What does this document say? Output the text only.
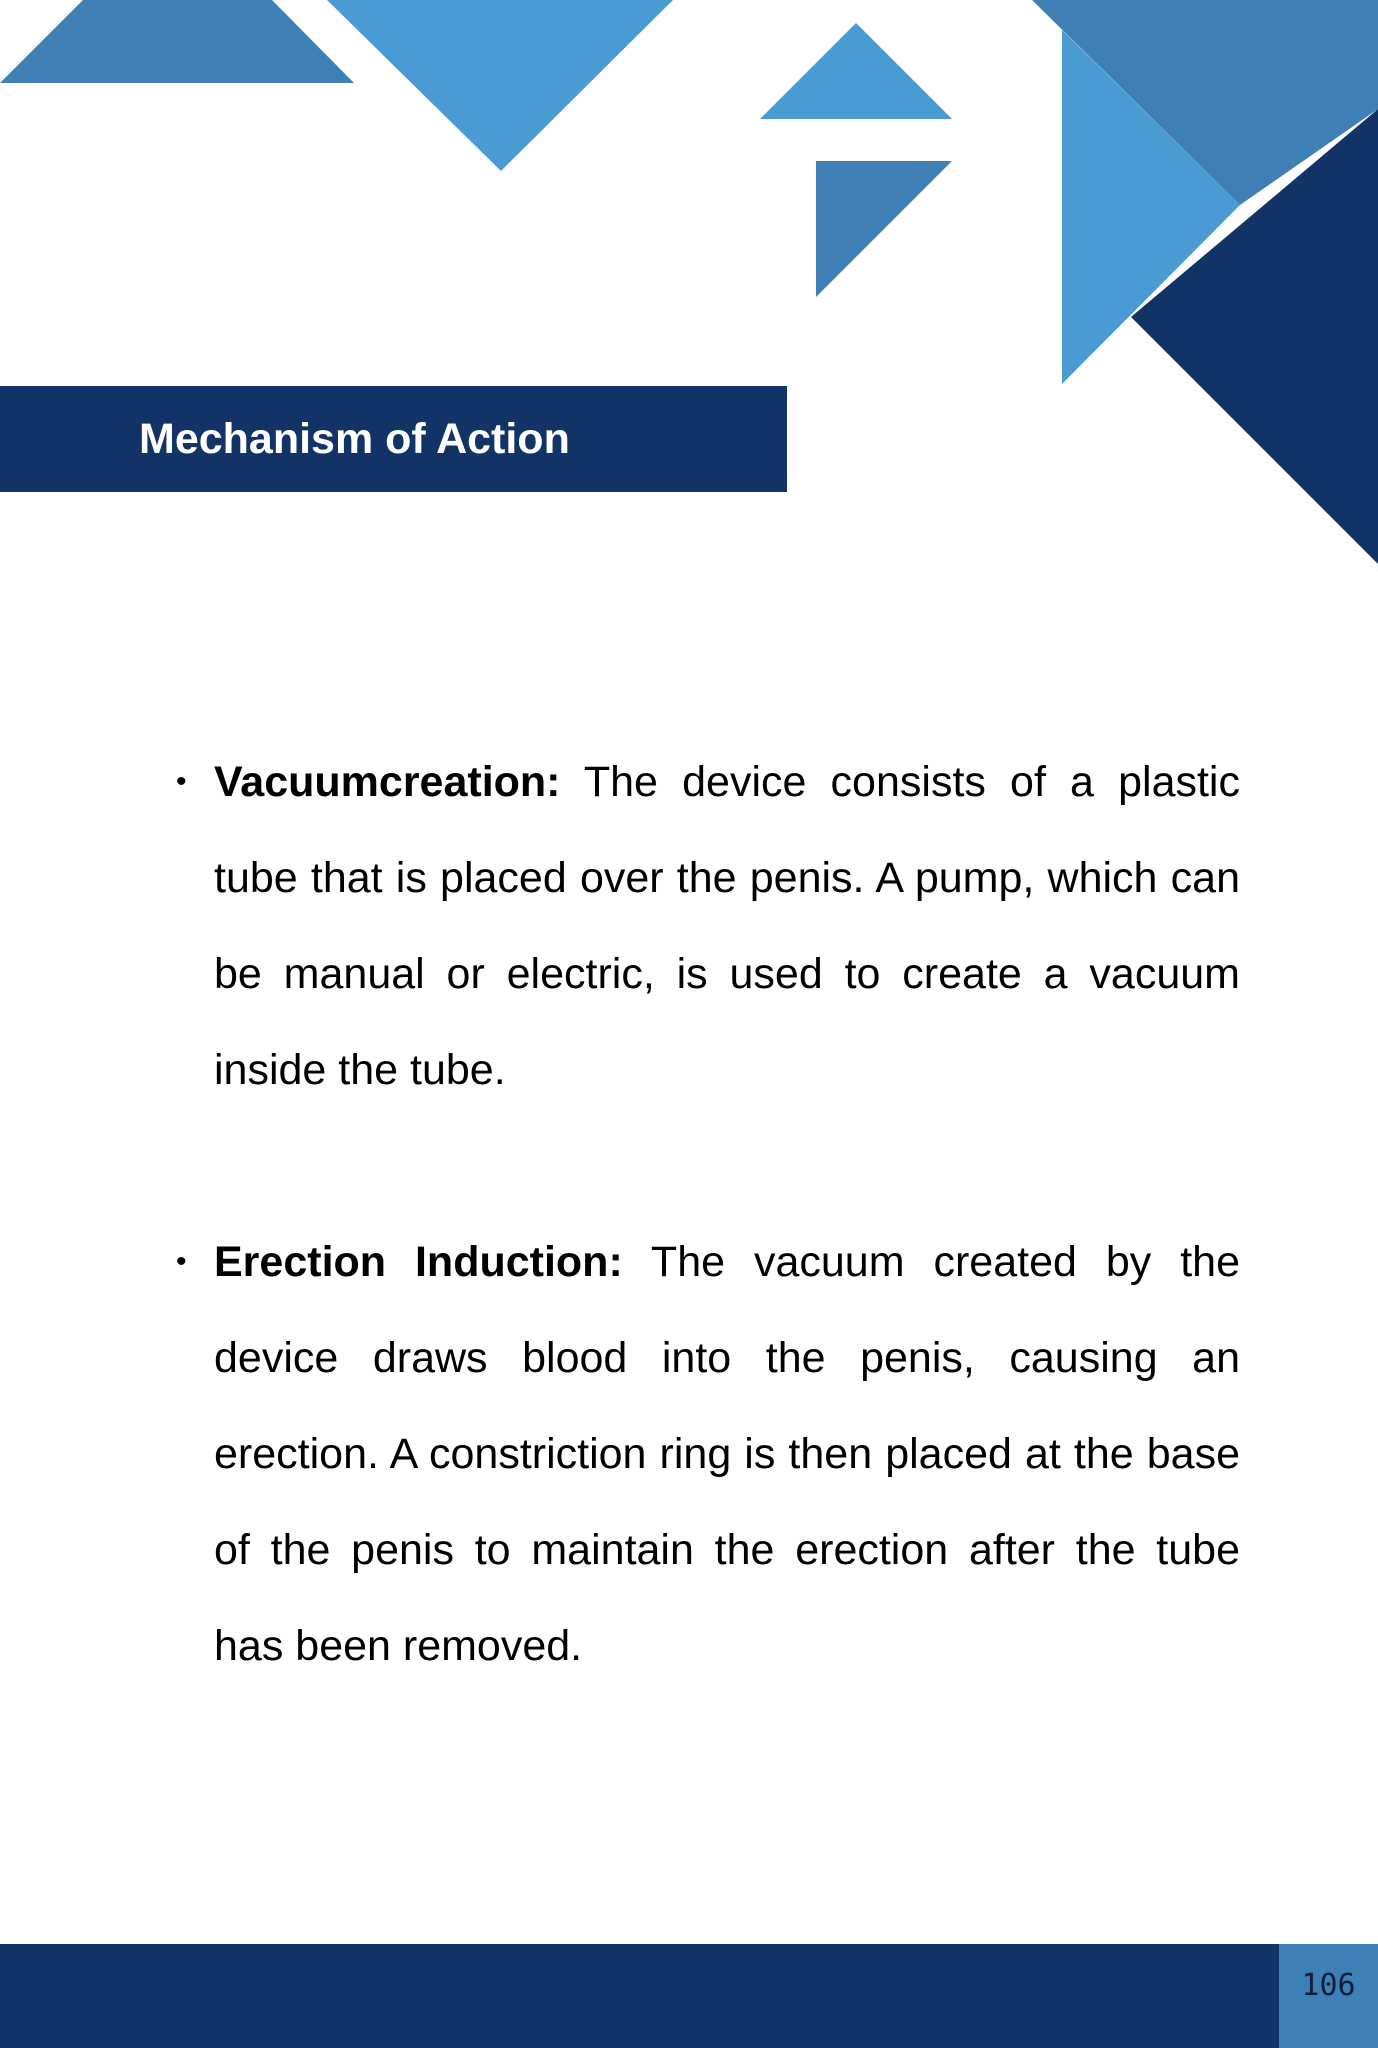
Mechanism of Action
• Vacuumcreation: The device consists of a plastic tube that is placed over the penis. A pump, which can be manual or electric, is used to create a vacuum inside the tube.
• Erection Induction: The vacuum created by the device draws blood into the penis, causing an erection. A constriction ring is then placed at the base of the penis to maintain the erection after the tube has been removed.
106
